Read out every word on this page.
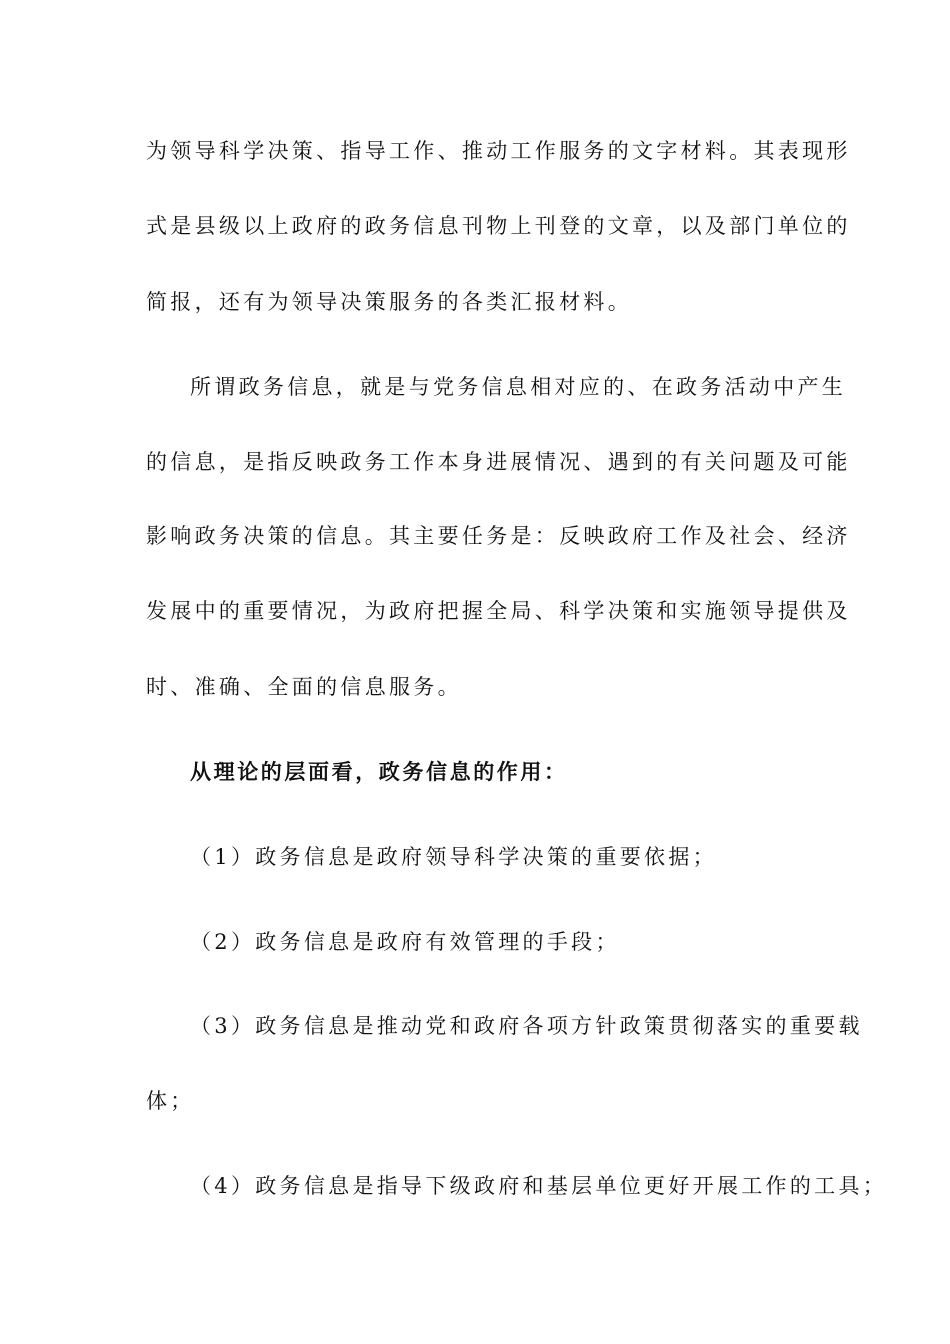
为领导科学决策、指导工作、推动工作服务的文字材料。其表现形
式是县级以上政府的政务信息刊物上刊登的文章，以及部门单位的
简报，还有为领导决策服务的各类汇报材料。
所谓政务信息，就是与党务信息相对应的、在政务活动中产生
的信息，是指反映政务工作本身进展情况、遇到的有关问题及可能
影响政务决策的信息。其主要任务是：反映政府工作及社会、经济
发展中的重要情况，为政府把握全局、科学决策和实施领导提供及
时、准确、全面的信息服务。
从理论的层面看，政务信息的作用：
（1）政务信息是政府领导科学决策的重要依据；
（2）政务信息是政府有效管理的手段；
（3）政务信息是推动党和政府各项方针政策贯彻落实的重要载
体；
（4）政务信息是指导下级政府和基层单位更好开展工作的工具；
